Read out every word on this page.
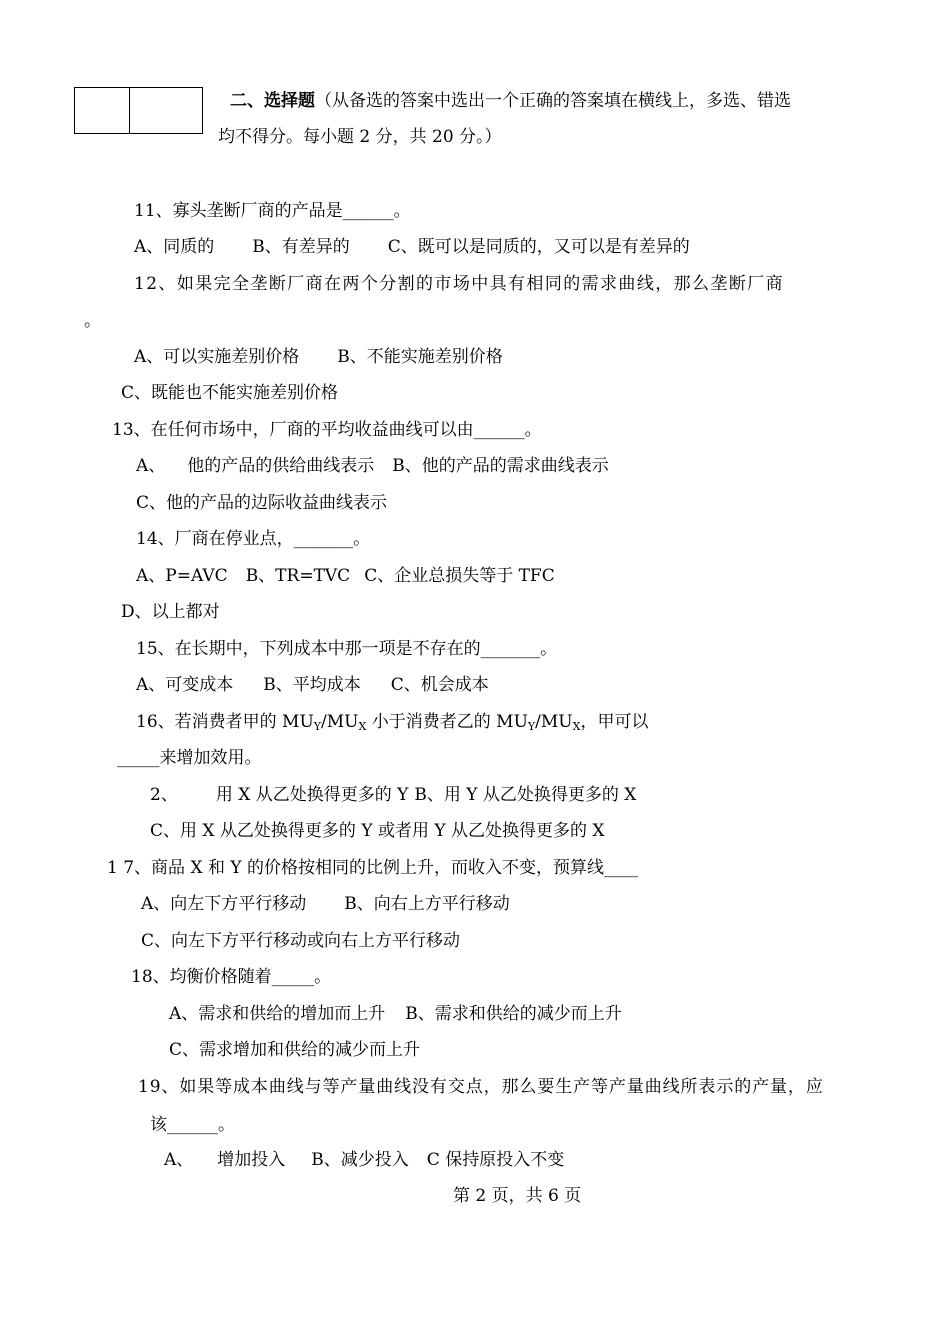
二、选择题（从备选的答案中选出一个正确的答案填在横线上，多选、错选
均不得分。每小题 2 分，共 20 分。）
11、寡头垄断厂商的产品是______。
A、同质的 B、有差异的 C、既可以是同质的，又可以是有差异的
12、如果完全垄断厂商在两个分割的市场中具有相同的需求曲线，那么垄断厂商
。
A、可以实施差别价格 B、不能实施差别价格
C、既能也不能实施差别价格
13、在任何市场中，厂商的平均收益曲线可以由______。
A、 他的产品的供给曲线表示 B、他的产品的需求曲线表示
C、他的产品的边际收益曲线表示
14、厂商在停业点，_______。
A、P=AVC B、TR=TVC C、企业总损失等于 TFC
D、以上都对
15、在长期中，下列成本中那一项是不存在的_______。
A、可变成本 B、平均成本 C、机会成本
16、若消费者甲的 $MU_Y/MU_X$ 小于消费者乙的 $MU_Y/MU_X$，甲可以
_____来增加效用。
2、 用 X 从乙处换得更多的 Y B、用 Y 从乙处换得更多的 X
C、用 X 从乙处换得更多的 Y 或者用 Y 从乙处换得更多的 X
1 7、商品 X 和 Y 的价格按相同的比例上升，而收入不变，预算线____
A、向左下方平行移动 B、向右上方平行移动
C、向左下方平行移动或向右上方平行移动
18、均衡价格随着_____。
A、需求和供给的增加而上升 B、需求和供给的减少而上升
C、需求增加和供给的减少而上升
19、如果等成本曲线与等产量曲线没有交点，那么要生产等产量曲线所表示的产量，应
该______。
A、 增加投入 B、减少投入 C 保持原投入不变
第 2 页，共 6 页
